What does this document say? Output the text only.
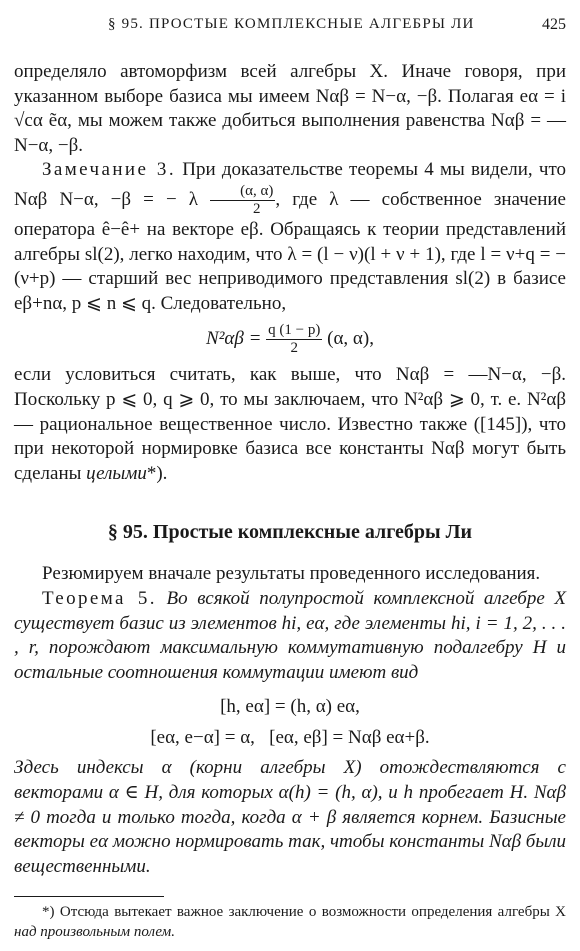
§ 95. ПРОСТЫЕ КОМПЛЕКСНЫЕ АЛГЕБРЫ ЛИ	425

определяло автоморфизм всей алгебры X. Иначе говоря, при указанном выборе базиса мы имеем Nαβ = N−α, −β. Полагая eα = i √cα ẽα, мы можем также добиться выполнения равенства Nαβ = —N−α, −β.

Замечание 3. При доказательстве теоремы 4 мы видели, что Nαβ N−α, −β = − λ $\frac{(\alpha, \alpha)}{2}$ , где λ — собственное значение оператора ê−ê+ на векторе eβ. Обращаясь к теории представлений алгебры sl(2), легко находим, что λ = (l − ν)(l + ν + 1), где l = ν+q = −(ν+p) — старший вес неприводимого представления sl(2) в базисе eβ+nα, p ⩽ n ⩽ q. Следовательно,

$N^2\alpha\beta = \frac{q (1 - p)}{2} (\alpha$, α),

если условиться считать, как выше, что Nαβ = —N−α, −β. Поскольку p ⩽ 0, q ⩾ 0, то мы заключаем, что N²αβ ⩾ 0, т. е. N²αβ — рациональное вещественное число. Известно также ([145]), что при некоторой нормировке базиса все константы Nαβ могут быть сделаны целыми*).

§ 95. Простые комплексные алгебры Ли

Резюмируем вначале результаты проведенного исследования.

Теорема 5. Во всякой полупростой комплексной алгебре X существует базис из элементов hi, eα, где элементы hi, i = 1, 2, . . . , r, порождают максимальную коммутативную подалгебру H и остальные соотношения коммутации имеют вид

[h, eα] = (h, α) eα,
[eα, e−α] = α,   [eα, eβ] = Nαβ eα+β.

Здесь индексы α (корни алгебры X) отождествляются с векторами α ∈ H, для которых α(h) = (h, α), и h пробегает H. Nαβ ≠ 0 тогда и только тогда, когда α + β является корнем. Базисные векторы eα можно нормировать так, чтобы константы Nαβ были вещественными.

*) Отсюда вытекает важное заключение о возможности определения алгебры X над произвольным полем.
